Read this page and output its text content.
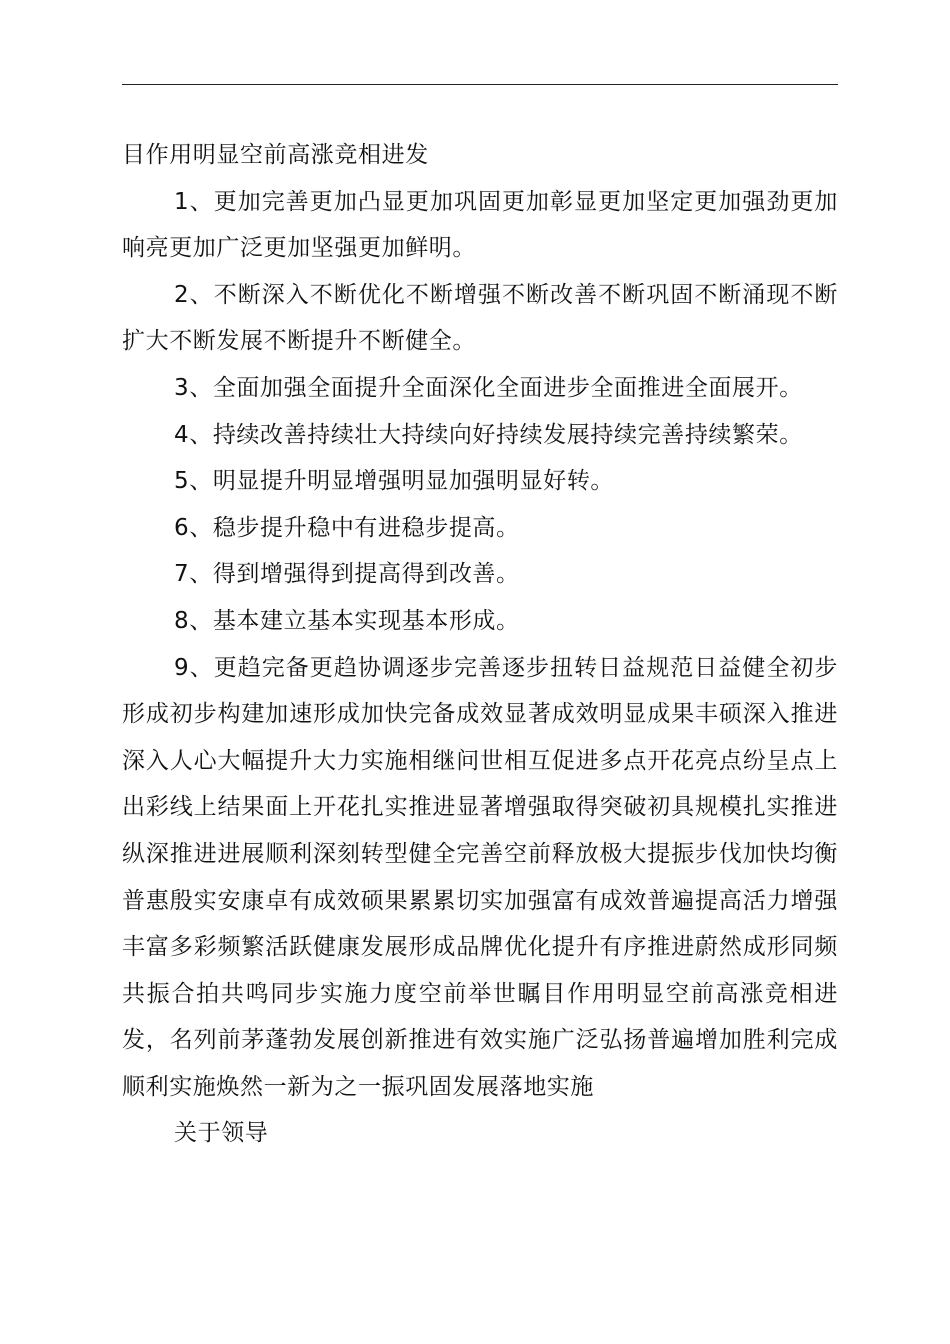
目作用明显空前高涨竞相进发

1、更加完善更加凸显更加巩固更加彰显更加坚定更加强劲更加响亮更加广泛更加坚强更加鲜明。

2、不断深入不断优化不断增强不断改善不断巩固不断涌现不断扩大不断发展不断提升不断健全。

3、全面加强全面提升全面深化全面进步全面推进全面展开。

4、持续改善持续壮大持续向好持续发展持续完善持续繁荣。

5、明显提升明显增强明显加强明显好转。

6、稳步提升稳中有进稳步提高。

7、得到增强得到提高得到改善。

8、基本建立基本实现基本形成。

9、更趋完备更趋协调逐步完善逐步扭转日益规范日益健全初步形成初步构建加速形成加快完备成效显著成效明显成果丰硕深入推进深入人心大幅提升大力实施相继问世相互促进多点开花亮点纷呈点上出彩线上结果面上开花扎实推进显著增强取得突破初具规模扎实推进纵深推进进展顺利深刻转型健全完善空前释放极大提振步伐加快均衡普惠殷实安康卓有成效硕果累累切实加强富有成效普遍提高活力增强丰富多彩频繁活跃健康发展形成品牌优化提升有序推进蔚然成形同频共振合拍共鸣同步实施力度空前举世瞩目作用明显空前高涨竞相进发，名列前茅蓬勃发展创新推进有效实施广泛弘扬普遍增加胜利完成顺利实施焕然一新为之一振巩固发展落地实施

关于领导
